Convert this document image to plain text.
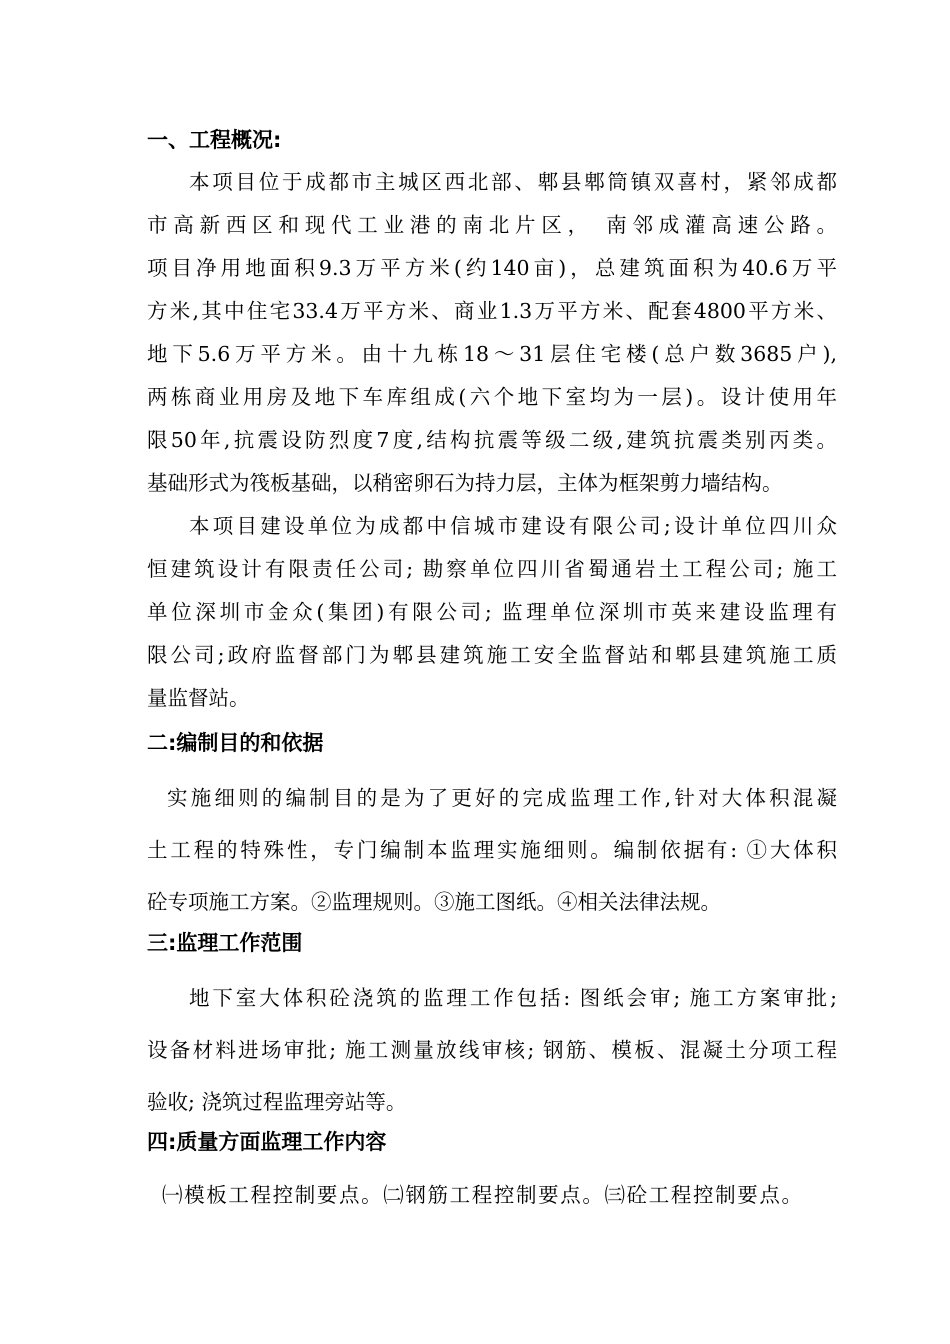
一、工程概况:
本项目位于成都市主城区西北部、郫县郫筒镇双喜村，紧邻成都
市高新西区和现代工业港的南北片区， 南邻成灌高速公路。
项目净用地面积9.3万平方米(约140亩)，总建筑面积为40.6万平
方米,其中住宅33.4万平方米、商业1.3万平方米、配套4800平方米、
地下5.6万平方米。由十九栋18～31层住宅楼(总户数3685户),
两栋商业用房及地下车库组成(六个地下室均为一层)。设计使用年
限50年,抗震设防烈度7度,结构抗震等级二级,建筑抗震类别丙类。
基础形式为筏板基础，以稍密卵石为持力层，主体为框架剪力墙结构。
本项目建设单位为成都中信城市建设有限公司;设计单位四川众
恒建筑设计有限责任公司; 勘察单位四川省蜀通岩土工程公司; 施工
单位深圳市金众(集团)有限公司; 监理单位深圳市英来建设监理有
限公司;政府监督部门为郫县建筑施工安全监督站和郫县建筑施工质
量监督站。
二:编制目的和依据
实施细则的编制目的是为了更好的完成监理工作,针对大体积混凝
土工程的特殊性，专门编制本监理实施细则。编制依据有: ①大体积
砼专项施工方案。②监理规则。③施工图纸。④相关法律法规。
三:监理工作范围
地下室大体积砼浇筑的监理工作包括: 图纸会审; 施工方案审批;
设备材料进场审批; 施工测量放线审核; 钢筋、模板、混凝土分项工程
验收; 浇筑过程监理旁站等。
四:质量方面监理工作内容
㈠模板工程控制要点。㈡钢筋工程控制要点。㈢砼工程控制要点。
